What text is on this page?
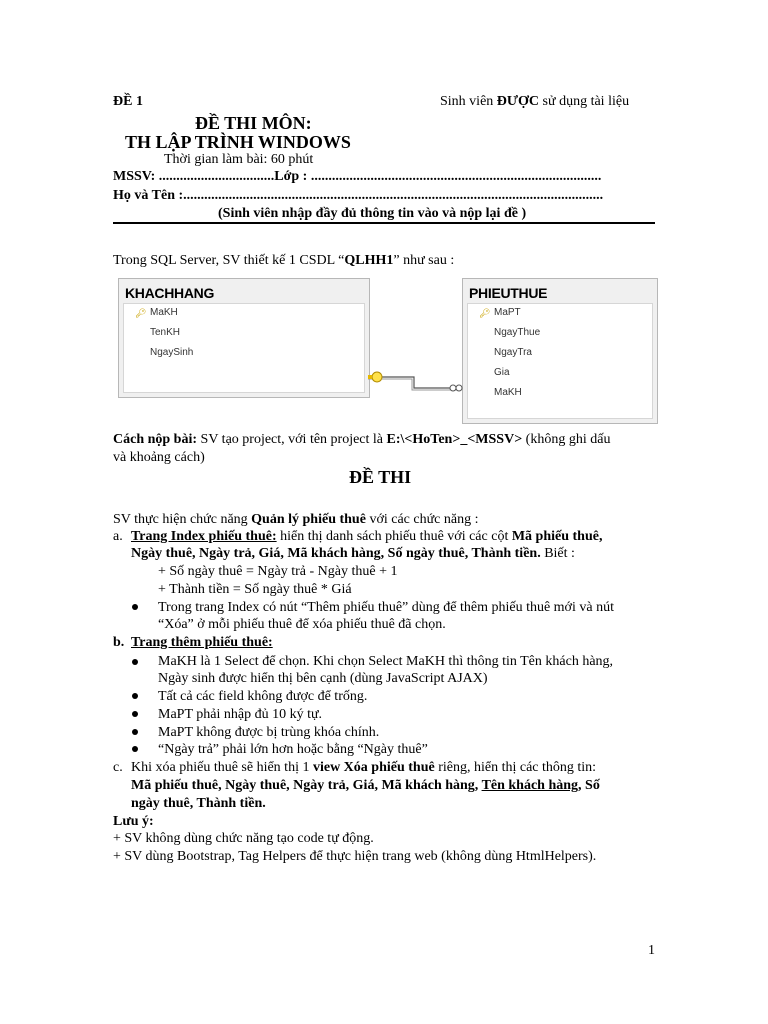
ĐỀ 1	Sinh viên ĐƯỢC sử dụng tài liệu
ĐỀ THI MÔN:
TH LẬP TRÌNH WINDOWS
Thời gian làm bài: 60 phút
MSSV: .................................Lớp : ...................................................................................
Họ và Tên :........................................................................................................................
(Sinh viên nhập đầy đủ thông tin vào và nộp lại đề )
Trong SQL Server, SV thiết kế 1 CSDL “QLHH1” như sau :
KHACHHANG
🔑︎ MaKH
TenKH
NgaySinh
PHIEUTHUE
🔑︎ MaPT
NgayThue
NgayTra
Gia
MaKH
Cách nộp bài: SV tạo project, với tên project là E:\<HoTen>_<MSSV> (không ghi dấu
và khoảng cách)
ĐỀ THI
SV thực hiện chức năng Quản lý phiếu thuê với các chức năng :
a. Trang Index phiếu thuê: hiển thị danh sách phiếu thuê với các cột Mã phiếu thuê,
Ngày thuê, Ngày trả, Giá, Mã khách hàng, Số ngày thuê, Thành tiền. Biết :
+ Số ngày thuê = Ngày trả - Ngày thuê + 1
+ Thành tiền = Số ngày thuê * Giá
Trong trang Index có nút “Thêm phiếu thuê” dùng để thêm phiếu thuê mới và nút
“Xóa” ở mỗi phiếu thuê để xóa phiếu thuê đã chọn.
b. Trang thêm phiếu thuê:
MaKH là 1 Select để chọn. Khi chọn Select MaKH thì thông tin Tên khách hàng,
Ngày sinh được hiển thị bên cạnh (dùng JavaScript AJAX)
Tất cả các field không được để trống.
MaPT phải nhập đủ 10 ký tự.
MaPT không được bị trùng khóa chính.
“Ngày trả” phải lớn hơn hoặc bằng “Ngày thuê”
c. Khi xóa phiếu thuê sẽ hiển thị 1 view Xóa phiếu thuê riêng, hiển thị các thông tin:
Mã phiếu thuê, Ngày thuê, Ngày trả, Giá, Mã khách hàng, Tên khách hàng, Số
ngày thuê, Thành tiền.
Lưu ý:
+ SV không dùng chức năng tạo code tự động.
+ SV dùng Bootstrap, Tag Helpers để thực hiện trang web (không dùng HtmlHelpers).
1
